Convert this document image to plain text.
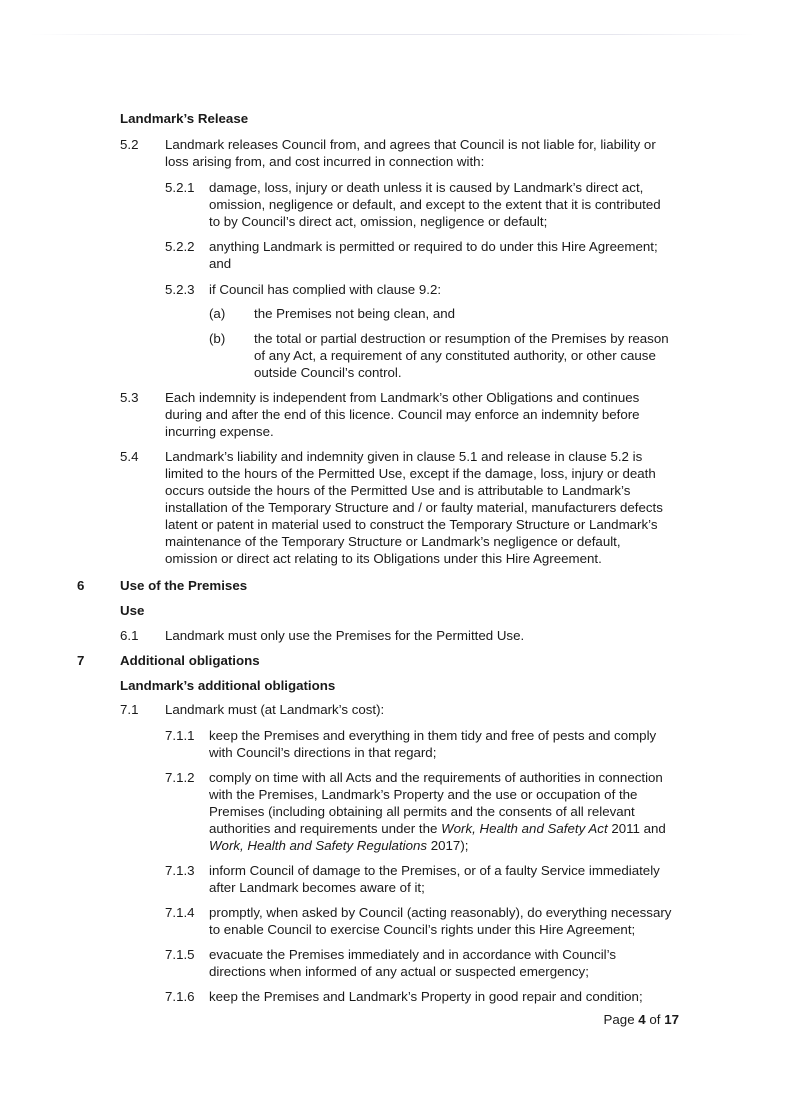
Landmark’s Release
5.2 Landmark releases Council from, and agrees that Council is not liable for, liability or loss arising from, and cost incurred in connection with:
5.2.1 damage, loss, injury or death unless it is caused by Landmark’s direct act, omission, negligence or default, and except to the extent that it is contributed to by Council’s direct act, omission, negligence or default;
5.2.2 anything Landmark is permitted or required to do under this Hire Agreement; and
5.2.3 if Council has complied with clause 9.2:
(a) the Premises not being clean, and
(b) the total or partial destruction or resumption of the Premises by reason of any Act, a requirement of any constituted authority, or other cause outside Council’s control.
5.3 Each indemnity is independent from Landmark’s other Obligations and continues during and after the end of this licence. Council may enforce an indemnity before incurring expense.
5.4 Landmark’s liability and indemnity given in clause 5.1 and release in clause 5.2 is limited to the hours of the Permitted Use, except if the damage, loss, injury or death occurs outside the hours of the Permitted Use and is attributable to Landmark’s installation of the Temporary Structure and / or faulty material, manufacturers defects latent or patent in material used to construct the Temporary Structure or Landmark’s maintenance of the Temporary Structure or Landmark’s negligence or default, omission or direct act relating to its Obligations under this Hire Agreement.
6	Use of the Premises
Use
6.1 Landmark must only use the Premises for the Permitted Use.
7	Additional obligations
Landmark’s additional obligations
7.1 Landmark must (at Landmark’s cost):
7.1.1 keep the Premises and everything in them tidy and free of pests and comply with Council’s directions in that regard;
7.1.2 comply on time with all Acts and the requirements of authorities in connection with the Premises, Landmark’s Property and the use or occupation of the Premises (including obtaining all permits and the consents of all relevant authorities and requirements under the Work, Health and Safety Act 2011 and Work, Health and Safety Regulations 2017);
7.1.3 inform Council of damage to the Premises, or of a faulty Service immediately after Landmark becomes aware of it;
7.1.4 promptly, when asked by Council (acting reasonably), do everything necessary to enable Council to exercise Council’s rights under this Hire Agreement;
7.1.5 evacuate the Premises immediately and in accordance with Council’s directions when informed of any actual or suspected emergency;
7.1.6 keep the Premises and Landmark’s Property in good repair and condition;
Page 4 of 17
